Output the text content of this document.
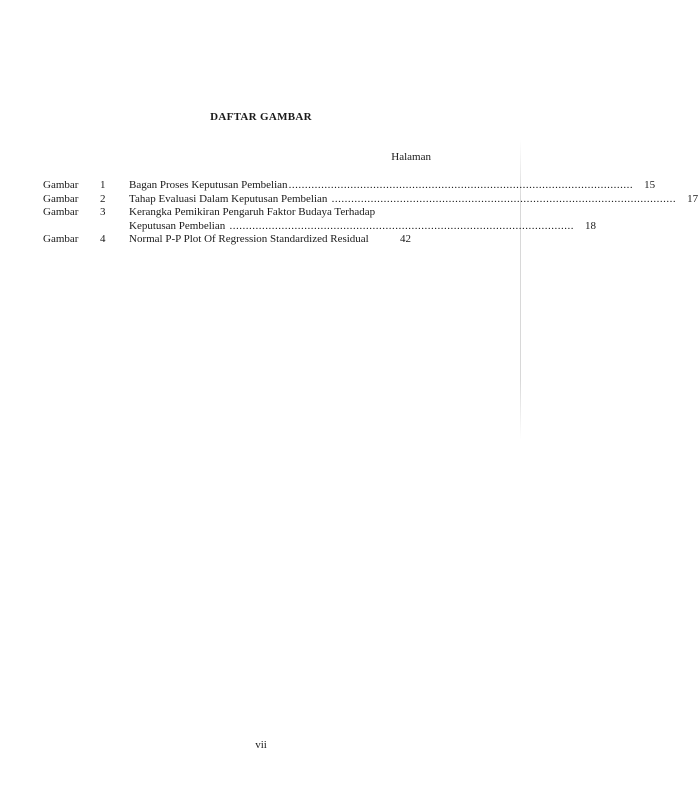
DAFTAR GAMBAR
Halaman
Gambar	1	Bagan Proses Keputusan Pembelian ..........................................................................................................	15
Gambar	2	Tahap Evaluasi Dalam Keputusan Pembelian ..........................................................................................................	17
Gambar	3	Kerangka Pemikiran Pengaruh Faktor Budaya Terhadap
Keputusan Pembelian ..........................................................................................................	18
Gambar	4	Normal P-P Plot Of Regression Standardized Residual	42
vii
